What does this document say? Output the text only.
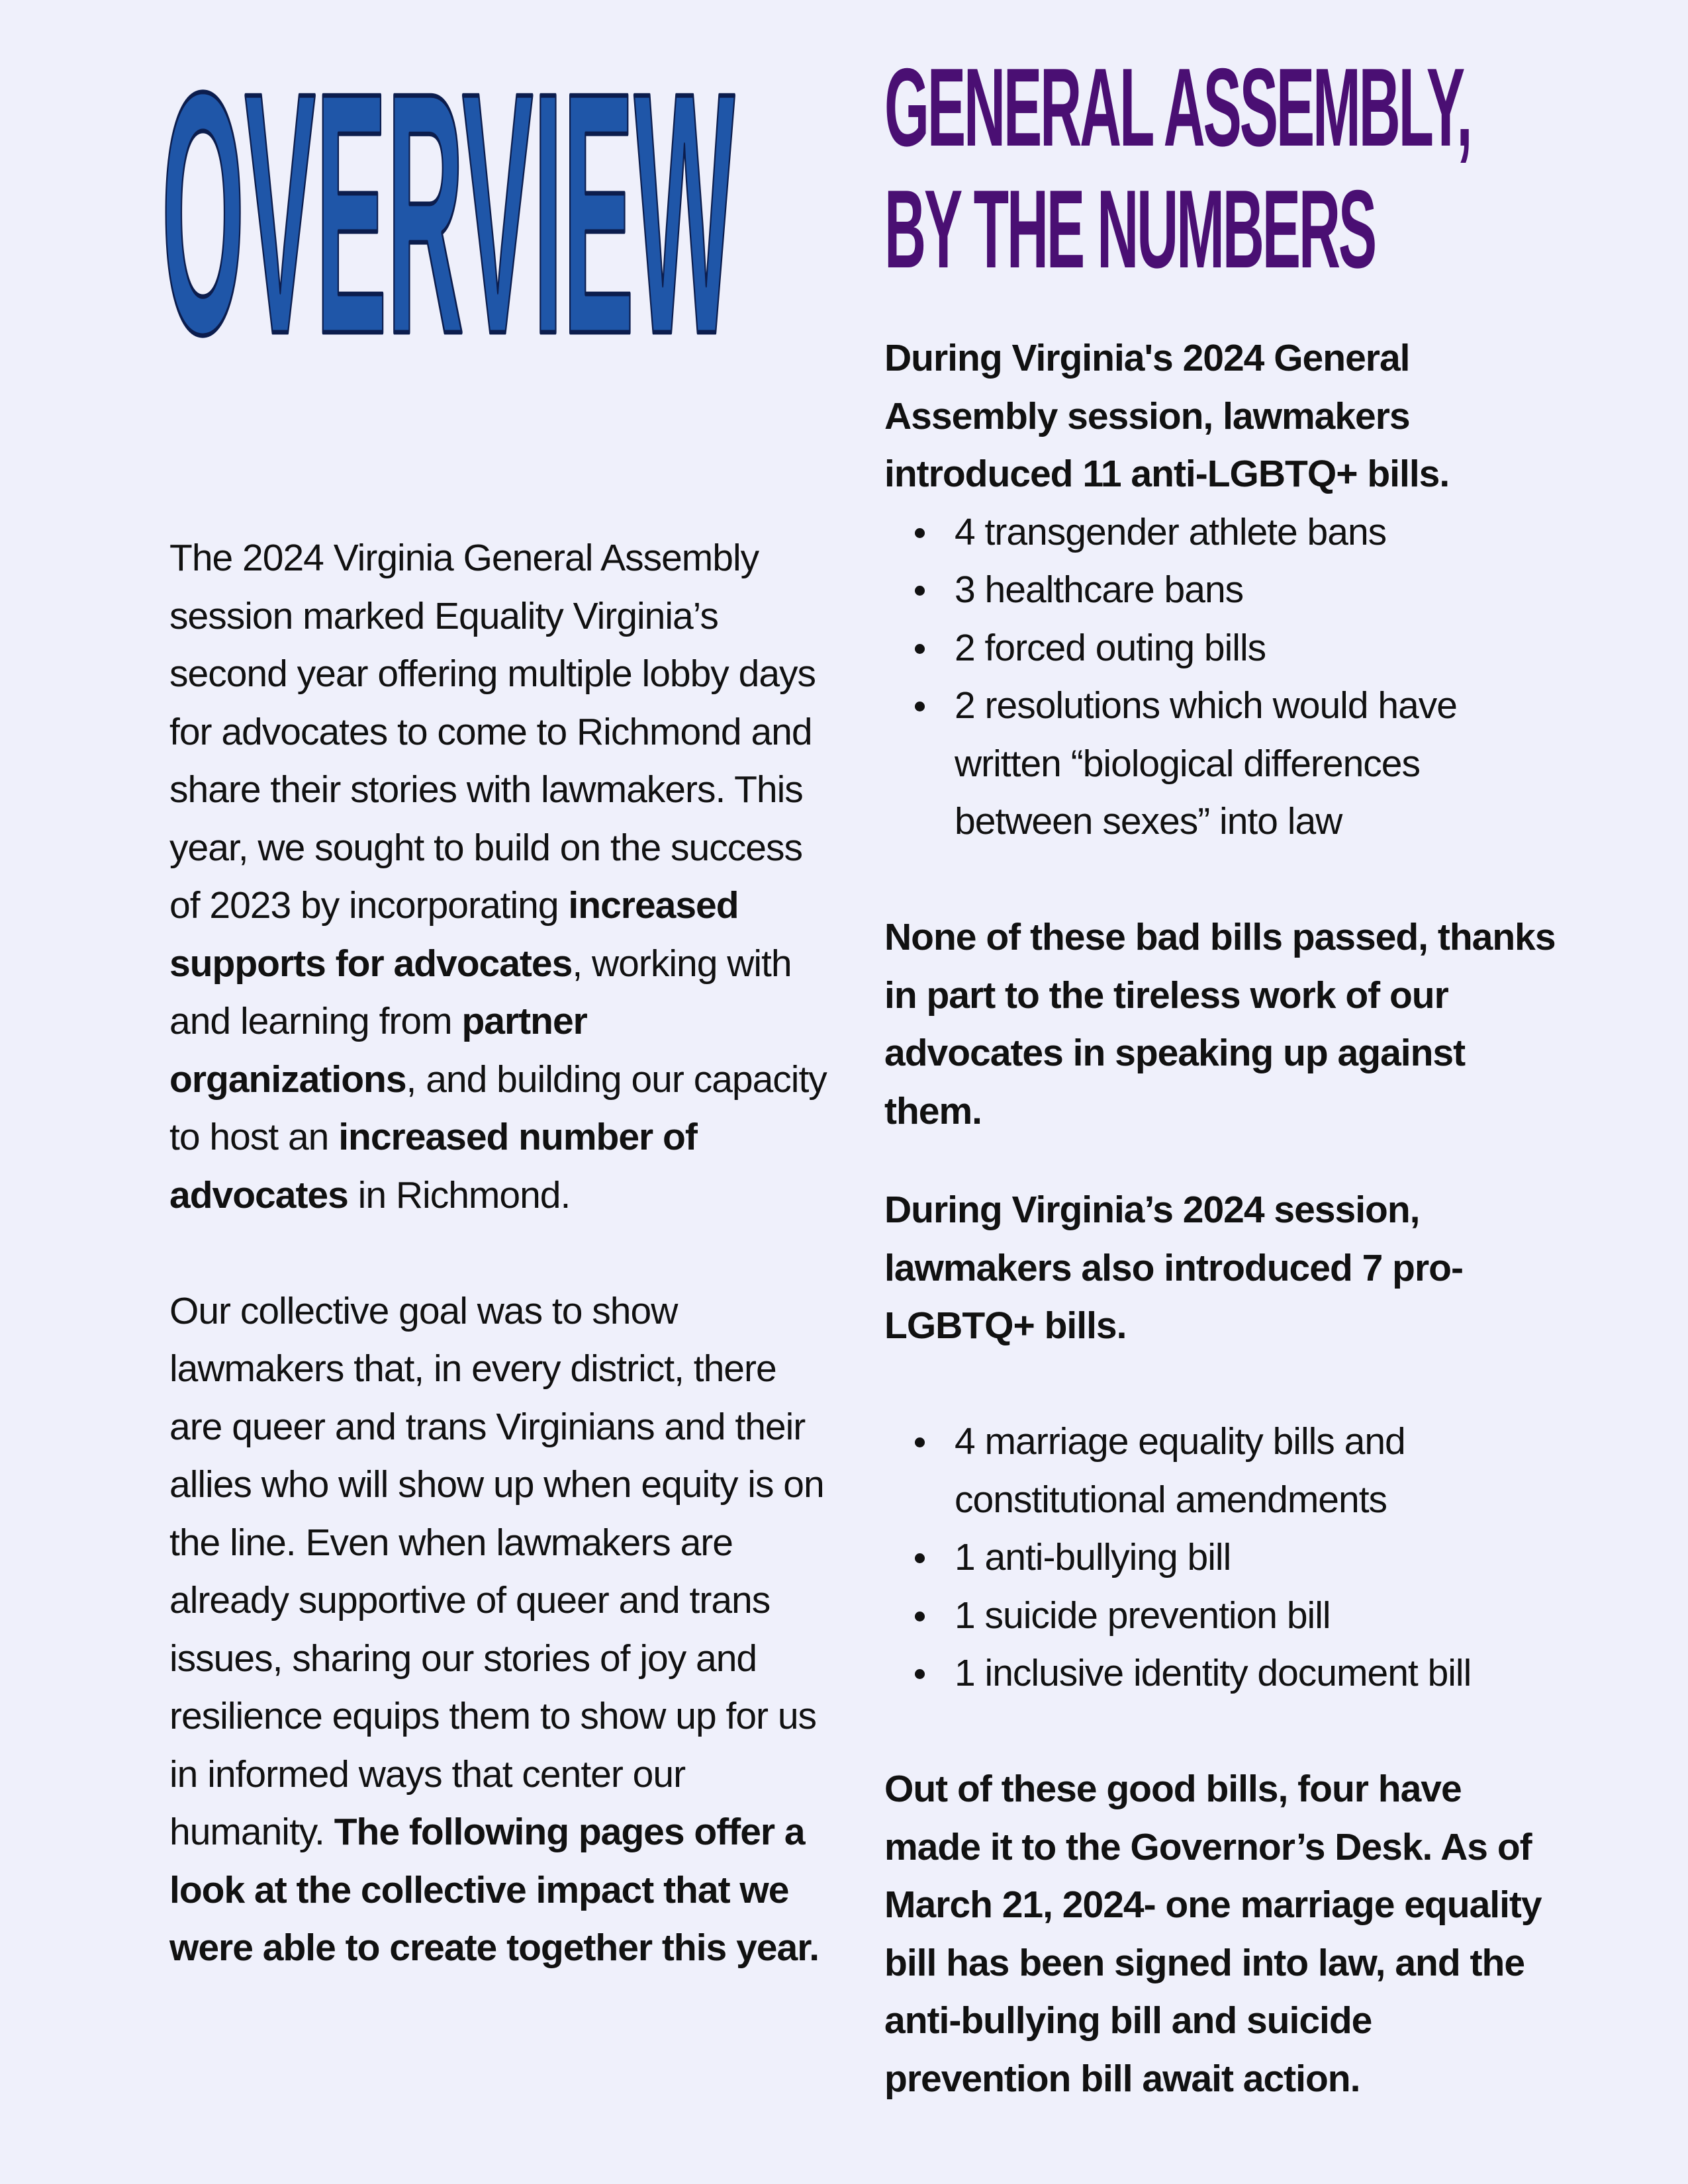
OVERVIEW

The 2024 Virginia General Assembly session marked Equality Virginia’s second year offering multiple lobby days for advocates to come to Richmond and share their stories with lawmakers. This year, we sought to build on the success of 2023 by incorporating increased supports for advocates, working with and learning from partner organizations, and building our capacity to host an increased number of advocates in Richmond.

Our collective goal was to show lawmakers that, in every district, there are queer and trans Virginians and their allies who will show up when equity is on the line. Even when lawmakers are already supportive of queer and trans issues, sharing our stories of joy and resilience equips them to show up for us in informed ways that center our humanity. The following pages offer a look at the collective impact that we were able to create together this year.

GENERAL ASSEMBLY, BY THE NUMBERS

During Virginia's 2024 General Assembly session, lawmakers introduced 11 anti-LGBTQ+ bills.

4 transgender athlete bans
3 healthcare bans
2 forced outing bills
2 resolutions which would have written “biological differences between sexes” into law

None of these bad bills passed, thanks in part to the tireless work of our advocates in speaking up against them.

During Virginia’s 2024 session, lawmakers also introduced 7 pro-LGBTQ+ bills.

4 marriage equality bills and constitutional amendments
1 anti-bullying bill
1 suicide prevention bill
1 inclusive identity document bill

Out of these good bills, four have made it to the Governor’s Desk. As of March 21, 2024- one marriage equality bill has been signed into law, and the anti-bullying bill and suicide prevention bill await action.
